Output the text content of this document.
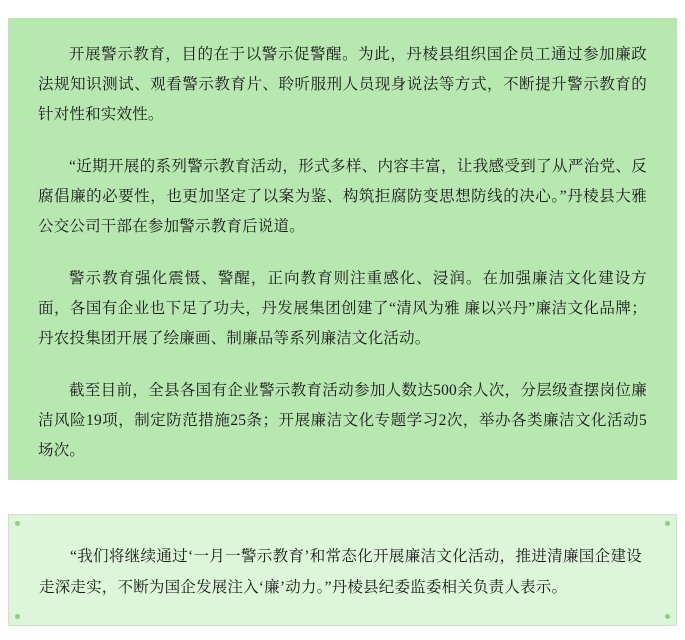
开展警示教育，目的在于以警示促警醒。为此，丹棱县组织国企员工通过参加廉政法规知识测试、观看警示教育片、聆听服刑人员现身说法等方式，不断提升警示教育的针对性和实效性。

“近期开展的系列警示教育活动，形式多样、内容丰富，让我感受到了从严治党、反腐倡廉的必要性，也更加坚定了以案为鉴、构筑拒腐防变思想防线的决心。”丹棱县大雅公交公司干部在参加警示教育后说道。

警示教育强化震慑、警醒，正向教育则注重感化、浸润。在加强廉洁文化建设方面，各国有企业也下足了功夫，丹发展集团创建了“清风为雅 廉以兴丹”廉洁文化品牌；丹农投集团开展了绘廉画、制廉品等系列廉洁文化活动。

截至目前，全县各国有企业警示教育活动参加人数达500余人次，分层级查摆岗位廉洁风险19项，制定防范措施25条；开展廉洁文化专题学习2次，举办各类廉洁文化活动5场次。

“我们将继续通过‘一月一警示教育’和常态化开展廉洁文化活动，推进清廉国企建设走深走实，不断为国企发展注入‘廉’动力。”丹棱县纪委监委相关负责人表示。
